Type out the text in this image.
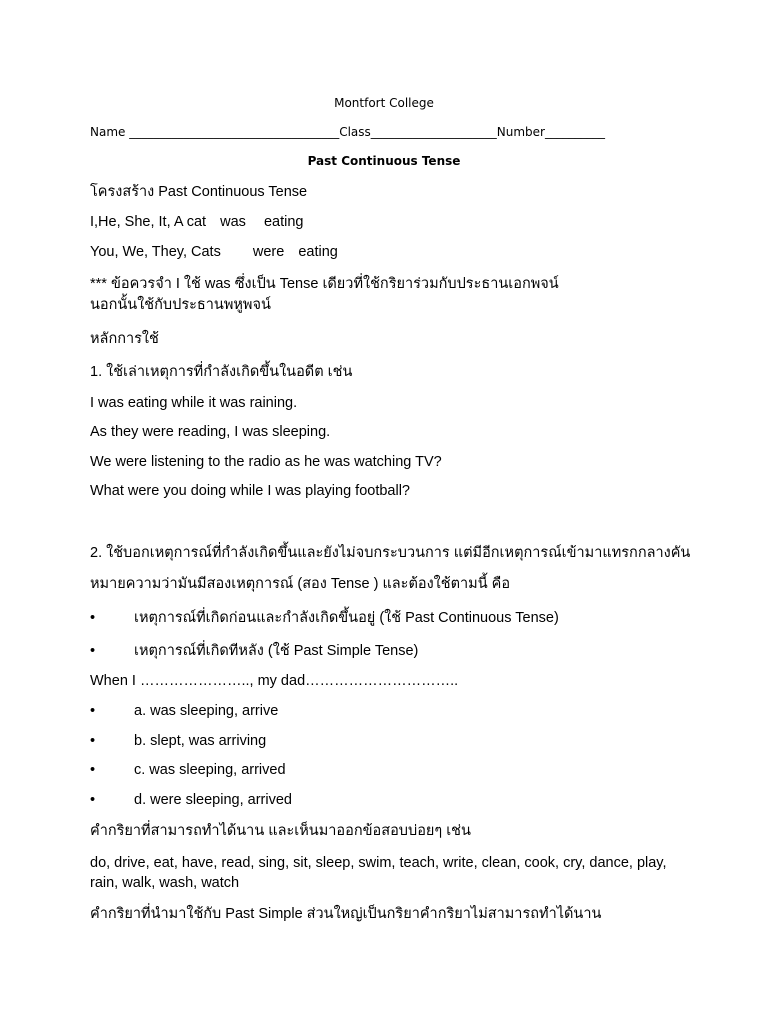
Montfort College
Name ___________________________________Class_____________________Number__________
Past Continuous Tense
โครงสร้าง Past Continuous Tense
I,He, She, It, A cat was eating
You, We, They, Cats were eating
*** ข้อควรจำ I ใช้ was ซึ่งเป็น Tense เดียวที่ใช้กริยาร่วมกับประธานเอกพจน์
นอกนั้นใช้กับประธานพหูพจน์
หลักการใช้
1. ใช้เล่าเหตุการที่กำลังเกิดขึ้นในอดีต เช่น
I was eating while it was raining.
As they were reading, I was sleeping.
We were listening to the radio as he was watching TV?
What were you doing while I was playing football?
2. ใช้บอกเหตุการณ์ที่กำลังเกิดขึ้นและยังไม่จบกระบวนการ แต่มีอีกเหตุการณ์เข้ามาแทรกกลางคัน
หมายความว่ามันมีสองเหตุการณ์ (สอง Tense ) และต้องใช้ตามนี้ คือ
•	เหตุการณ์ที่เกิดก่อนและกำลังเกิดขึ้นอยู่ (ใช้ Past Continuous Tense)
•	เหตุการณ์ที่เกิดทีหลัง (ใช้ Past Simple Tense)
When I ………………….., my dad…………………………..
•	a. was sleeping, arrive
•	b. slept, was arriving
•	c. was sleeping, arrived
•	d. were sleeping, arrived
คำกริยาที่สามารถทำได้นาน และเห็นมาออกข้อสอบบ่อยๆ เช่น
do, drive, eat, have, read, sing, sit, sleep, swim, teach, write, clean, cook, cry, dance, play, rain, walk, wash, watch
คำกริยาที่นำมาใช้กับ Past Simple ส่วนใหญ่เป็นกริยาคำกริยาไม่สามารถทำได้นาน
